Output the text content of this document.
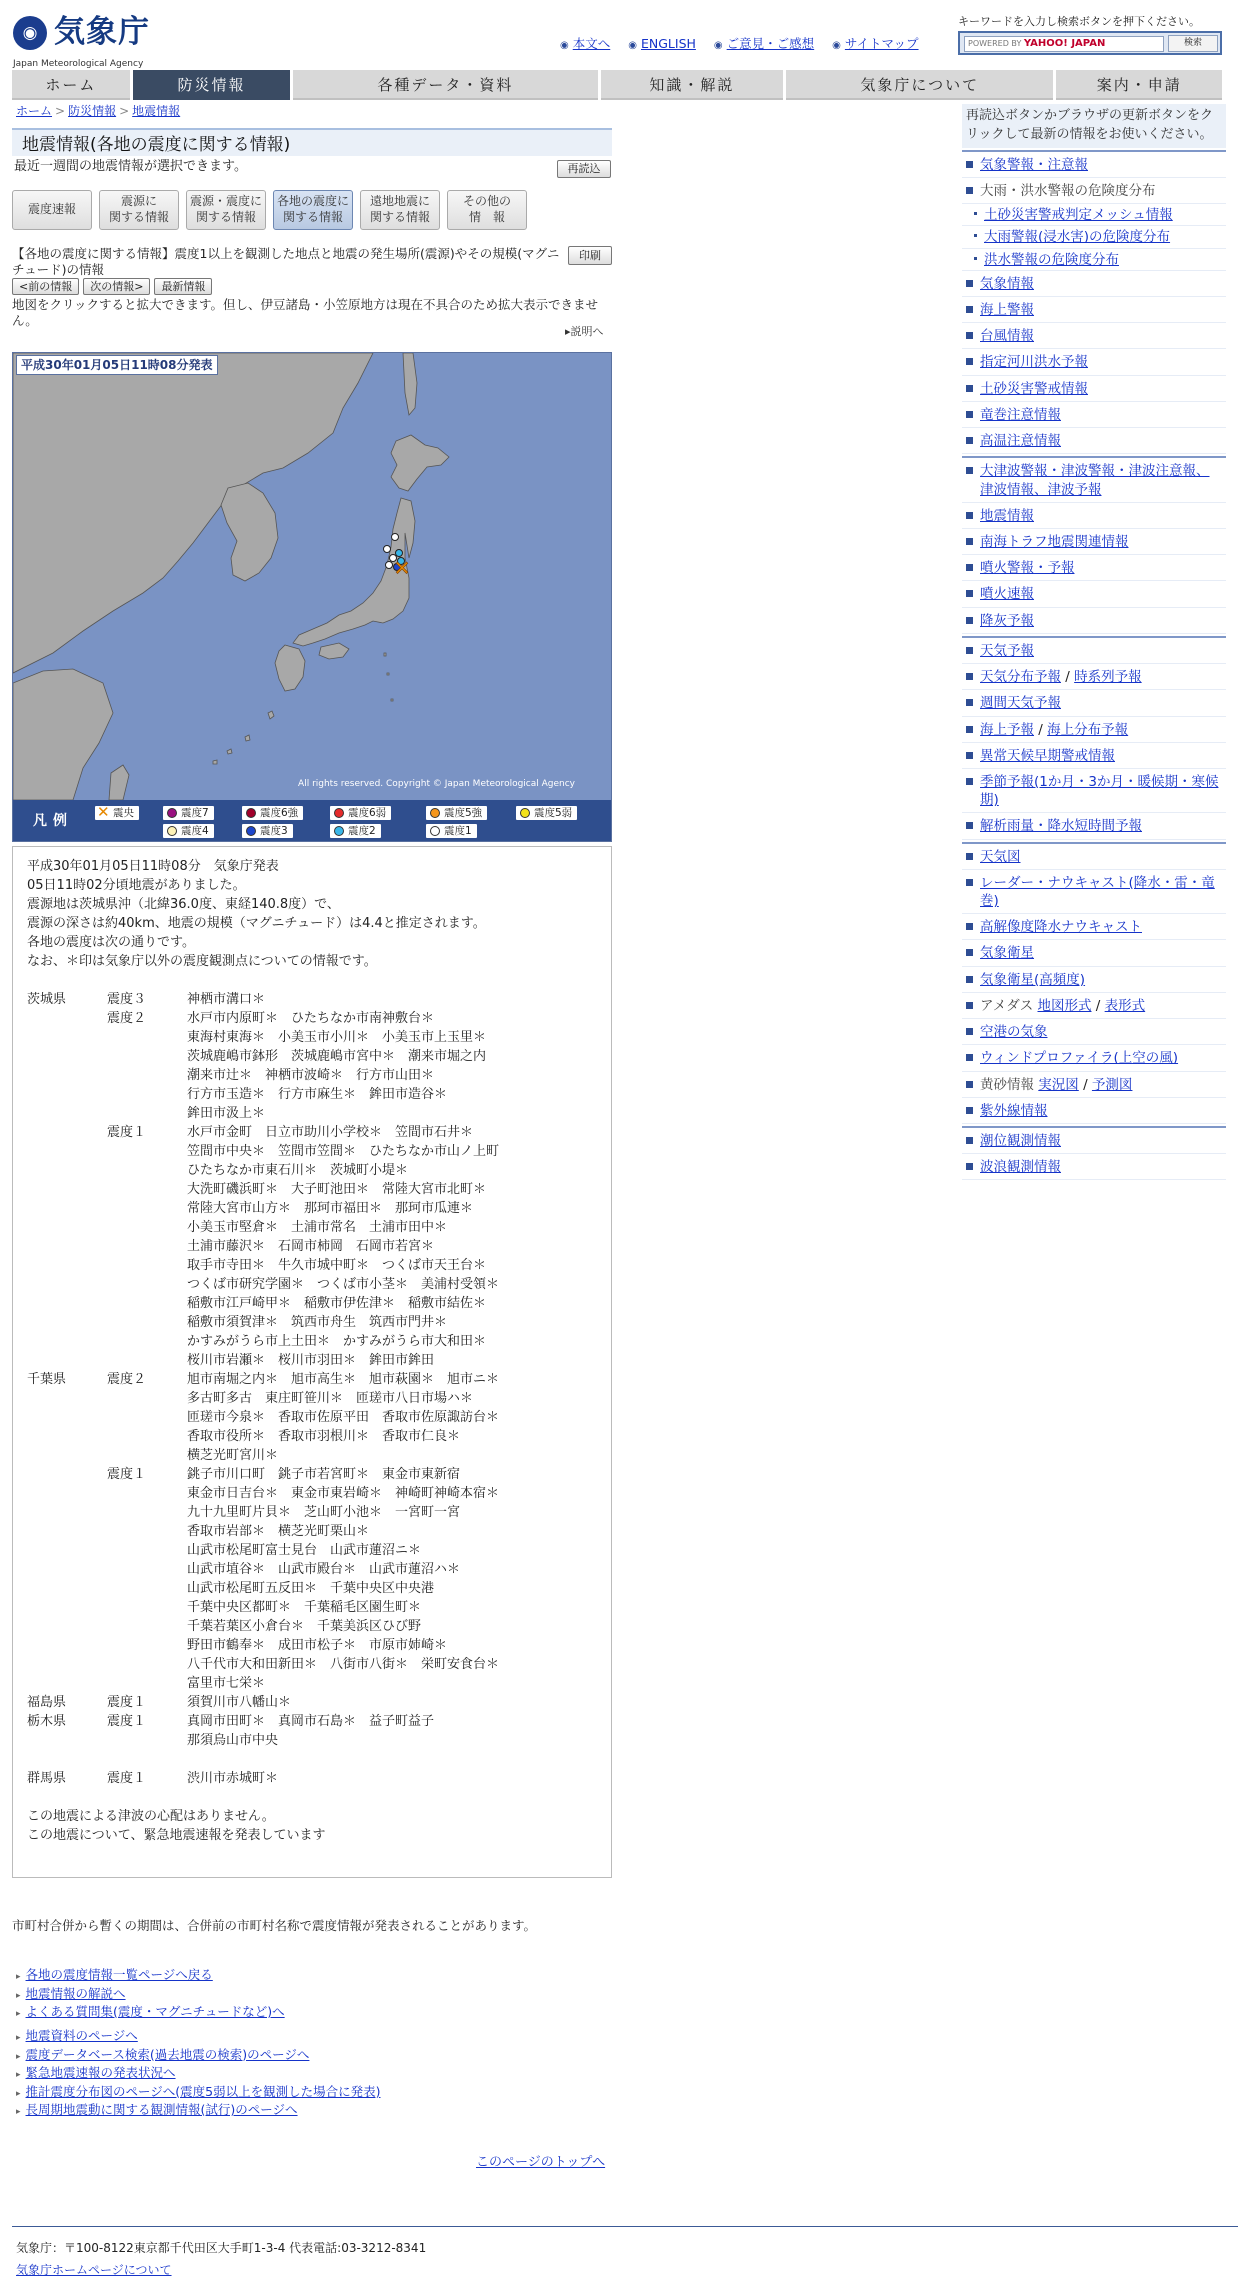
◉ 気象庁
Japan Meteorological Agency
◉ 本文へ	◉ ENGLISH	◉ ご意見・ご感想	◉ サイトマップ
キーワードを入力し検索ボタンを押下ください。
POWERED BY YAHOO! JAPAN	検索
ホーム	防災情報	各種データ・資料	知識・解説	気象庁について	案内・申請
ホーム > 防災情報 > 地震情報
地震情報(各地の震度に関する情報)
最近一週間の地震情報が選択できます。	再読込
震度速報
震源に
関する情報
震源・震度に
関する情報
各地の震度に
関する情報
遠地地震に
関する情報
その他の
情　報
【各地の震度に関する情報】震度1以上を観測した地点と地震の発生場所(震源)やその規模(マグニチュード)の情報
印刷
<前の情報	次の情報>	最新情報
地図をクリックすると拡大できます。但し、伊豆諸島・小笠原地方は現在不具合のため拡大表示できません。
▸説明へ
✕
平成30年01月05日11時08分発表
All rights reserved. Copyright © Japan Meteorological Agency
凡例 ✕ 震央	震度7	震度6強	震度6弱	震度5強	震度5弱
震度4	震度3	震度2	震度1
平成30年01月05日11時08分　気象庁発表
05日11時02分頃地震がありました。
震源地は茨城県沖（北緯36.0度、東経140.8度）で、
震源の深さは約40km、地震の規模（マグニチュード）は4.4と推定されます。
各地の震度は次の通りです。
なお、＊印は気象庁以外の震度観測点についての情報です。
茨城県	震度３	神栖市溝口＊
震度２	水戸市内原町＊　ひたちなか市南神敷台＊
東海村東海＊　小美玉市小川＊　小美玉市上玉里＊
茨城鹿嶋市鉢形　茨城鹿嶋市宮中＊　潮来市堀之内
潮来市辻＊　神栖市波崎＊　行方市山田＊
行方市玉造＊　行方市麻生＊　鉾田市造谷＊
鉾田市汲上＊
震度１	水戸市金町　日立市助川小学校＊　笠間市石井＊
笠間市中央＊　笠間市笠間＊　ひたちなか市山ノ上町
ひたちなか市東石川＊　茨城町小堤＊
大洗町磯浜町＊　大子町池田＊　常陸大宮市北町＊
常陸大宮市山方＊　那珂市福田＊　那珂市瓜連＊
小美玉市堅倉＊　土浦市常名　土浦市田中＊
土浦市藤沢＊　石岡市柿岡　石岡市若宮＊
取手市寺田＊　牛久市城中町＊　つくば市天王台＊
つくば市研究学園＊　つくば市小茎＊　美浦村受領＊
稲敷市江戸崎甲＊　稲敷市伊佐津＊　稲敷市結佐＊
稲敷市須賀津＊　筑西市舟生　筑西市門井＊
かすみがうら市上土田＊　かすみがうら市大和田＊
桜川市岩瀬＊　桜川市羽田＊　鉾田市鉾田
千葉県	震度２	旭市南堀之内＊　旭市高生＊　旭市萩園＊　旭市ニ＊
多古町多古　東庄町笹川＊　匝瑳市八日市場ハ＊
匝瑳市今泉＊　香取市佐原平田　香取市佐原諏訪台＊
香取市役所＊　香取市羽根川＊　香取市仁良＊
横芝光町宮川＊
震度１	銚子市川口町　銚子市若宮町＊　東金市東新宿
東金市日吉台＊　東金市東岩崎＊　神崎町神崎本宿＊
九十九里町片貝＊　芝山町小池＊　一宮町一宮
香取市岩部＊　横芝光町栗山＊
山武市松尾町富士見台　山武市蓮沼ニ＊
山武市埴谷＊　山武市殿台＊　山武市蓮沼ハ＊
山武市松尾町五反田＊　千葉中央区中央港
千葉中央区都町＊　千葉稲毛区園生町＊
千葉若葉区小倉台＊　千葉美浜区ひび野
野田市鶴奉＊　成田市松子＊　市原市姉崎＊
八千代市大和田新田＊　八街市八街＊　栄町安食台＊
富里市七栄＊
福島県	震度１	須賀川市八幡山＊
栃木県	震度１	真岡市田町＊　真岡市石島＊　益子町益子
那須烏山市中央
群馬県	震度１	渋川市赤城町＊
この地震による津波の心配はありません。
この地震について、緊急地震速報を発表しています
市町村合併から暫くの期間は、合併前の市町村名称で震度情報が発表されることがあります。
▸ 各地の震度情報一覧ページへ戻る
▸ 地震情報の解説へ
▸ よくある質問集(震度・マグニチュードなど)へ
▸ 地震資料のページへ
▸ 震度データベース検索(過去地震の検索)のページへ
▸ 緊急地震速報の発表状況へ
▸ 推計震度分布図のページへ(震度5弱以上を観測した場合に発表)
▸ 長周期地震動に関する観測情報(試行)のページへ
このページのトップへ
気象庁：〒100-8122東京都千代田区大手町1-3-4 代表電話:03-3212-8341
気象庁ホームページについて
再読込ボタンかブラウザの更新ボタンをクリックして最新の情報をお使いください。
気象警報・注意報
大雨・洪水警報の危険度分布
土砂災害警戒判定メッシュ情報
大雨警報(浸水害)の危険度分布
洪水警報の危険度分布
気象情報
海上警報
台風情報
指定河川洪水予報
土砂災害警戒情報
竜巻注意情報
高温注意情報
大津波警報・津波警報・津波注意報、津波情報、津波予報
地震情報
南海トラフ地震関連情報
噴火警報・予報
噴火速報
降灰予報
天気予報
天気分布予報 / 時系列予報
週間天気予報
海上予報 / 海上分布予報
異常天候早期警戒情報
季節予報(1か月・3か月・暖候期・寒候期)
解析雨量・降水短時間予報
天気図
レーダー・ナウキャスト(降水・雷・竜巻)
高解像度降水ナウキャスト
気象衛星
気象衛星(高頻度)
アメダス 地図形式 / 表形式
空港の気象
ウィンドプロファイラ(上空の風)
黄砂情報 実況図 / 予測図
紫外線情報
潮位観測情報
波浪観測情報
